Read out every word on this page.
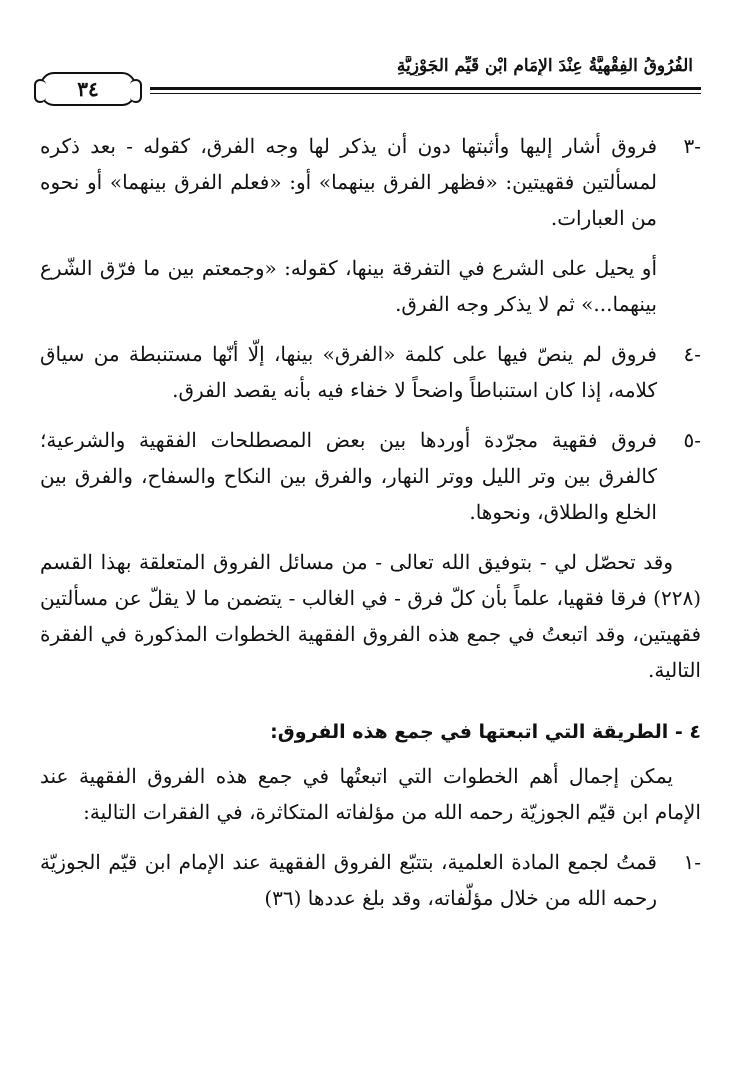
الفُرُوقُ الفِقْهِيَّةُ عِنْدَ الإِمَامِ ابْنِ قَيِّمِ الجَوْزِيَّةِ
٣٤
-٣
فروق أشار إليها وأثبتها دون أن يذكر لها وجه الفرق، كقوله - بعد ذكره لمسألتين فقهيتين: «فظهر الفرق بينهما» أو: «فعلم الفرق بينهما» أو نحوه من العبارات.

أو يحيل على الشرع في التفرقة بينها، كقوله: «وجمعتم بين ما فرّق الشّرع بينهما...» ثم لا يذكر وجه الفرق.

-٤
فروق لم ينصّ فيها على كلمة «الفرق» بينها، إلّا أنّها مستنبطة من سياق كلامه، إذا كان استنباطاً واضحاً لا خفاء فيه بأنه يقصد الفرق.
-٥
فروق فقهية مجرّدة أوردها بين بعض المصطلحات الفقهية والشرعية؛ كالفرق بين وتر الليل ووتر النهار، والفرق بين النكاح والسفاح، والفرق بين الخلع والطلاق، ونحوها.

وقد تحصّل لي - بتوفيق الله تعالى - من مسائل الفروق المتعلقة بهذا القسم (٢٢٨) فرقا فقهيا، علماً بأن كلّ فرق - في الغالب - يتضمن ما لا يقلّ عن مسألتين فقهيتين، وقد اتبعتُ في جمع هذه الفروق الفقهية الخطوات المذكورة في الفقرة التالية.

٤ - الطريقة التي اتبعتها في جمع هذه الفروق:

يمكن إجمال أهم الخطوات التي اتبعتُها في جمع هذه الفروق الفقهية عند الإمام ابن قيّم الجوزيّة رحمه الله من مؤلفاته المتكاثرة، في الفقرات التالية:

-١
قمتُ لجمع المادة العلمية، بتتبّع الفروق الفقهية عند الإمام ابن قيّم الجوزيّة رحمه الله من خلال مؤلّفاته، وقد بلغ عددها (٣٦)
